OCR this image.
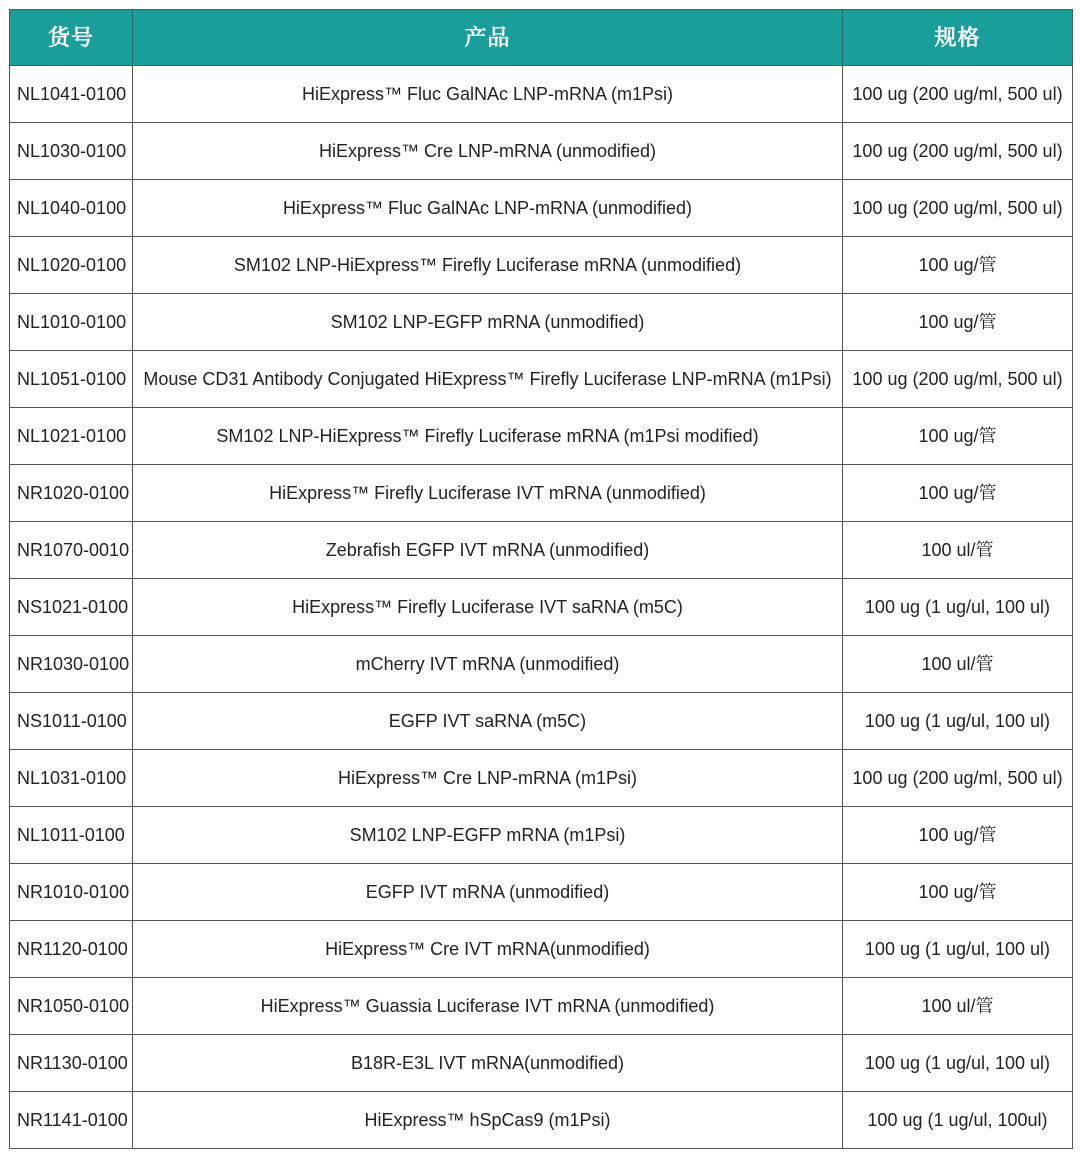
货号	产品	规格
NL1041-0100	HiExpress™ Fluc GalNAc LNP-mRNA (m1Psi)	100 ug (200 ug/ml, 500 ul)
NL1030-0100	HiExpress™ Cre LNP-mRNA (unmodified)	100 ug (200 ug/ml, 500 ul)
NL1040-0100	HiExpress™ Fluc GalNAc LNP-mRNA (unmodified)	100 ug (200 ug/ml, 500 ul)
NL1020-0100	SM102 LNP-HiExpress™ Firefly Luciferase mRNA (unmodified)	100 ug/管
NL1010-0100	SM102 LNP-EGFP mRNA (unmodified)	100 ug/管
NL1051-0100	Mouse CD31 Antibody Conjugated HiExpress™ Firefly Luciferase LNP-mRNA (m1Psi)	100 ug (200 ug/ml, 500 ul)
NL1021-0100	SM102 LNP-HiExpress™ Firefly Luciferase mRNA (m1Psi modified)	100 ug/管
NR1020-0100	HiExpress™ Firefly Luciferase IVT mRNA (unmodified)	100 ug/管
NR1070-0010	Zebrafish EGFP IVT mRNA (unmodified)	100 ul/管
NS1021-0100	HiExpress™ Firefly Luciferase IVT saRNA (m5C)	100 ug (1 ug/ul, 100 ul)
NR1030-0100	mCherry IVT mRNA (unmodified)	100 ul/管
NS1011-0100	EGFP IVT saRNA (m5C)	100 ug (1 ug/ul, 100 ul)
NL1031-0100	HiExpress™ Cre LNP-mRNA (m1Psi)	100 ug (200 ug/ml, 500 ul)
NL1011-0100	SM102 LNP-EGFP mRNA (m1Psi)	100 ug/管
NR1010-0100	EGFP IVT mRNA (unmodified)	100 ug/管
NR1120-0100	HiExpress™ Cre IVT mRNA(unmodified)	100 ug (1 ug/ul, 100 ul)
NR1050-0100	HiExpress™ Guassia Luciferase IVT mRNA (unmodified)	100 ul/管
NR1130-0100	B18R-E3L IVT mRNA(unmodified)	100 ug (1 ug/ul, 100 ul)
NR1141-0100	HiExpress™ hSpCas9 (m1Psi)	100 ug (1 ug/ul, 100ul)
